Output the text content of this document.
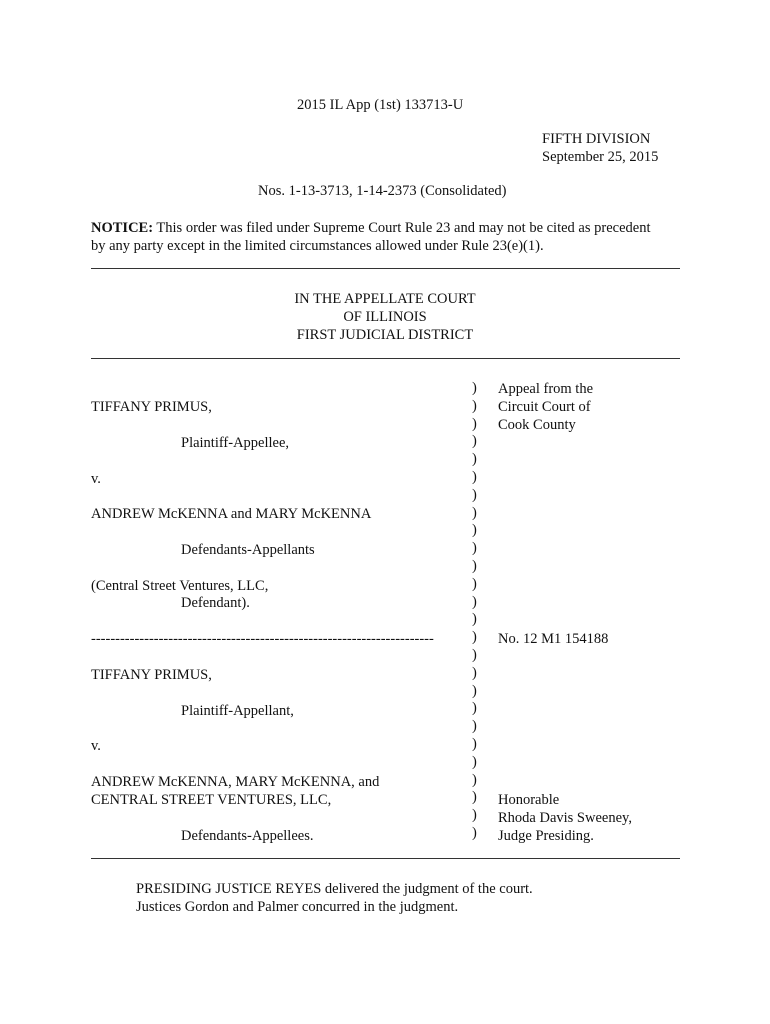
2015 IL App (1st) 133713-U
FIFTH DIVISION
September 25, 2015
Nos. 1-13-3713, 1-14-2373 (Consolidated)
NOTICE: This order was filed under Supreme Court Rule 23 and may not be cited as precedent
by any party except in the limited circumstances allowed under Rule 23(e)(1).
IN THE APPELLATE COURT
OF ILLINOIS
FIRST JUDICIAL DISTRICT
TIFFANY PRIMUS,
Plaintiff-Appellee,
v.
ANDREW McKENNA and MARY McKENNA
Defendants-Appellants
(Central Street Ventures, LLC,
Defendant).
-----------------------------------------------------------------------
TIFFANY PRIMUS,
Plaintiff-Appellant,
v.
ANDREW McKENNA, MARY McKENNA, and
CENTRAL STREET VENTURES, LLC,
Defendants-Appellees.
)
)
)
)
)
)
)
)
)
)
)
)
)
)
)
)
)
)
)
)
)
)
)
)
)
)
Appeal from the
Circuit Court of
Cook County
No. 12 M1 154188
Honorable
Rhoda Davis Sweeney,
Judge Presiding.
PRESIDING JUSTICE REYES delivered the judgment of the court.
Justices Gordon and Palmer concurred in the judgment.
